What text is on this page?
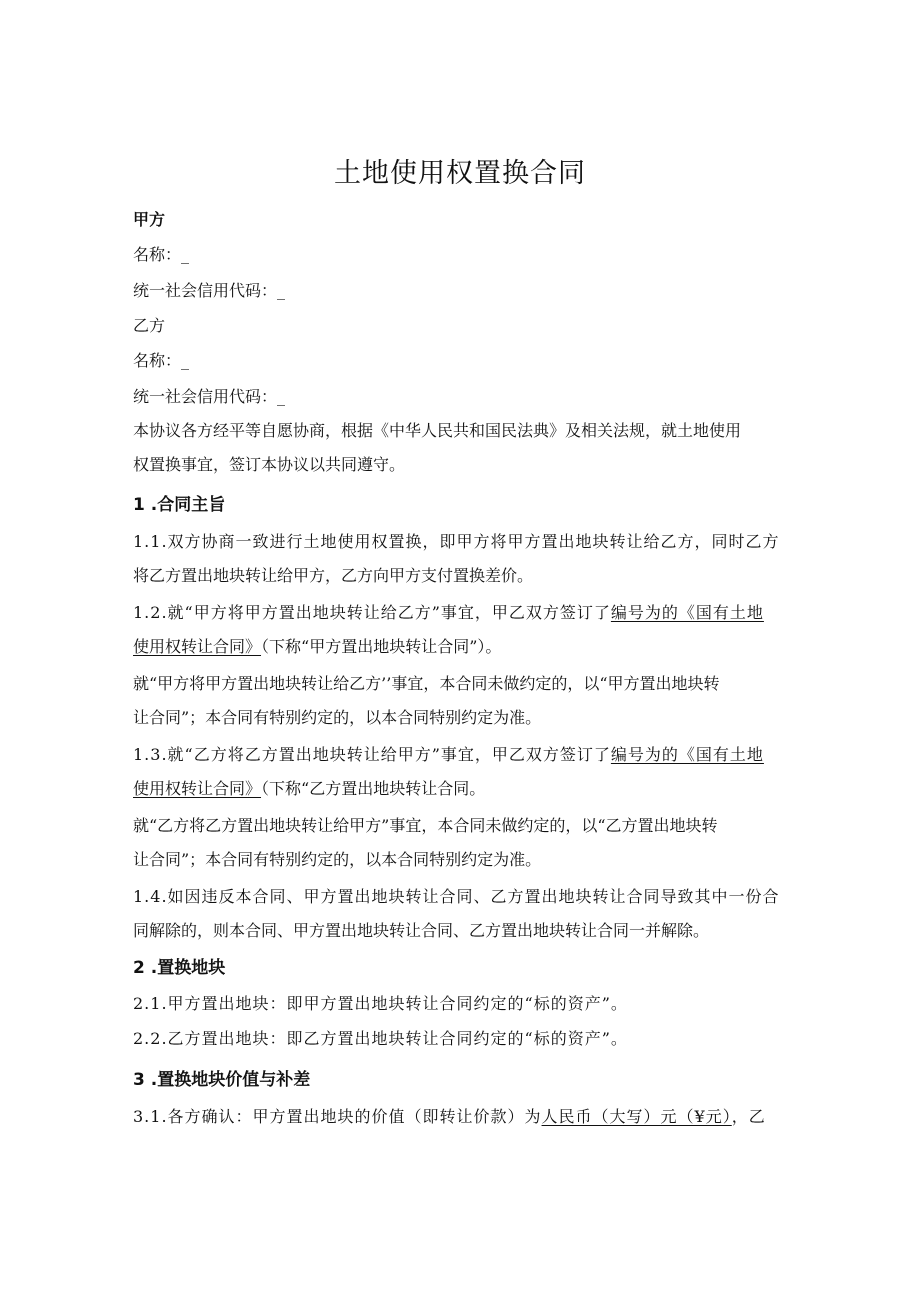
土地使用权置换合同

甲方

名称：_

统一社会信用代码：_

乙方

名称：_

统一社会信用代码：_

本协议各方经平等自愿协商，根据《中华人民共和国民法典》及相关法规，就土地使用

权置换事宜，签订本协议以共同遵守。

1 .合同主旨

1.1.双方协商一致进行土地使用权置换，即甲方将甲方置出地块转让给乙方，同时乙方

将乙方置出地块转让给甲方，乙方向甲方支付置换差价。

1.2.就“甲方将甲方置出地块转让给乙方”事宜，甲乙双方签订了编号为的《国有土地

使用权转让合同》（下称“甲方置出地块转让合同”）。

就“甲方将甲方置出地块转让给乙方’’事宜，本合同未做约定的，以“甲方置出地块转

让合同”；本合同有特别约定的，以本合同特别约定为准。

1.3.就“乙方将乙方置出地块转让给甲方”事宜，甲乙双方签订了编号为的《国有土地

使用权转让合同》（下称“乙方置出地块转让合同。

就“乙方将乙方置出地块转让给甲方”事宜，本合同未做约定的，以“乙方置出地块转

让合同”；本合同有特别约定的，以本合同特别约定为准。

1.4.如因违反本合同、甲方置出地块转让合同、乙方置出地块转让合同导致其中一份合

同解除的，则本合同、甲方置出地块转让合同、乙方置出地块转让合同一并解除。

2 .置换地块

2.1.甲方置出地块：即甲方置出地块转让合同约定的“标的资产”。

2.2.乙方置出地块：即乙方置出地块转让合同约定的“标的资产”。

3 .置换地块价值与补差

3.1.各方确认：甲方置出地块的价值（即转让价款）为人民币（大写）元（¥元），乙
